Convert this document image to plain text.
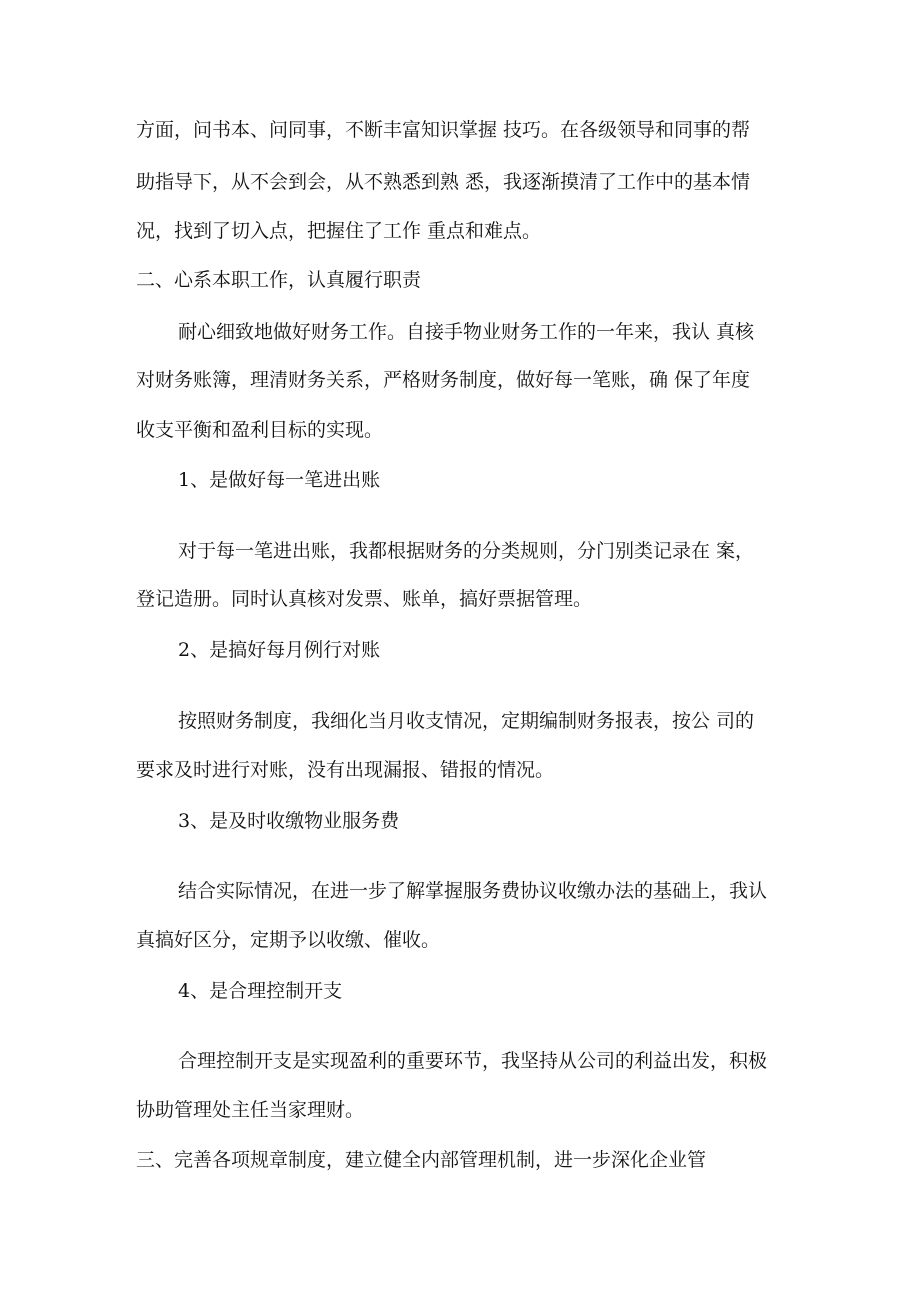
方面，问书本、问同事，不断丰富知识掌握 技巧。在各级领导和同事的帮
助指导下，从不会到会，从不熟悉到熟 悉，我逐渐摸清了工作中的基本情
况，找到了切入点，把握住了工作 重点和难点。
二、心系本职工作，认真履行职责
耐心细致地做好财务工作。自接手物业财务工作的一年来，我认 真核
对财务账簿，理清财务关系，严格财务制度，做好每一笔账，确 保了年度
收支平衡和盈利目标的实现。
1、是做好每一笔进出账
对于每一笔进出账，我都根据财务的分类规则，分门别类记录在 案，
登记造册。同时认真核对发票、账单，搞好票据管理。
2、是搞好每月例行对账
按照财务制度，我细化当月收支情况，定期编制财务报表，按公 司的
要求及时进行对账，没有出现漏报、错报的情况。
3、是及时收缴物业服务费
结合实际情况，在进一步了解掌握服务费协议收缴办法的基础上，我认
真搞好区分，定期予以收缴、催收。
4、是合理控制开支
合理控制开支是实现盈利的重要环节，我坚持从公司的利益出发，积极
协助管理处主任当家理财。
三、完善各项规章制度，建立健全内部管理机制，进一步深化企业管
